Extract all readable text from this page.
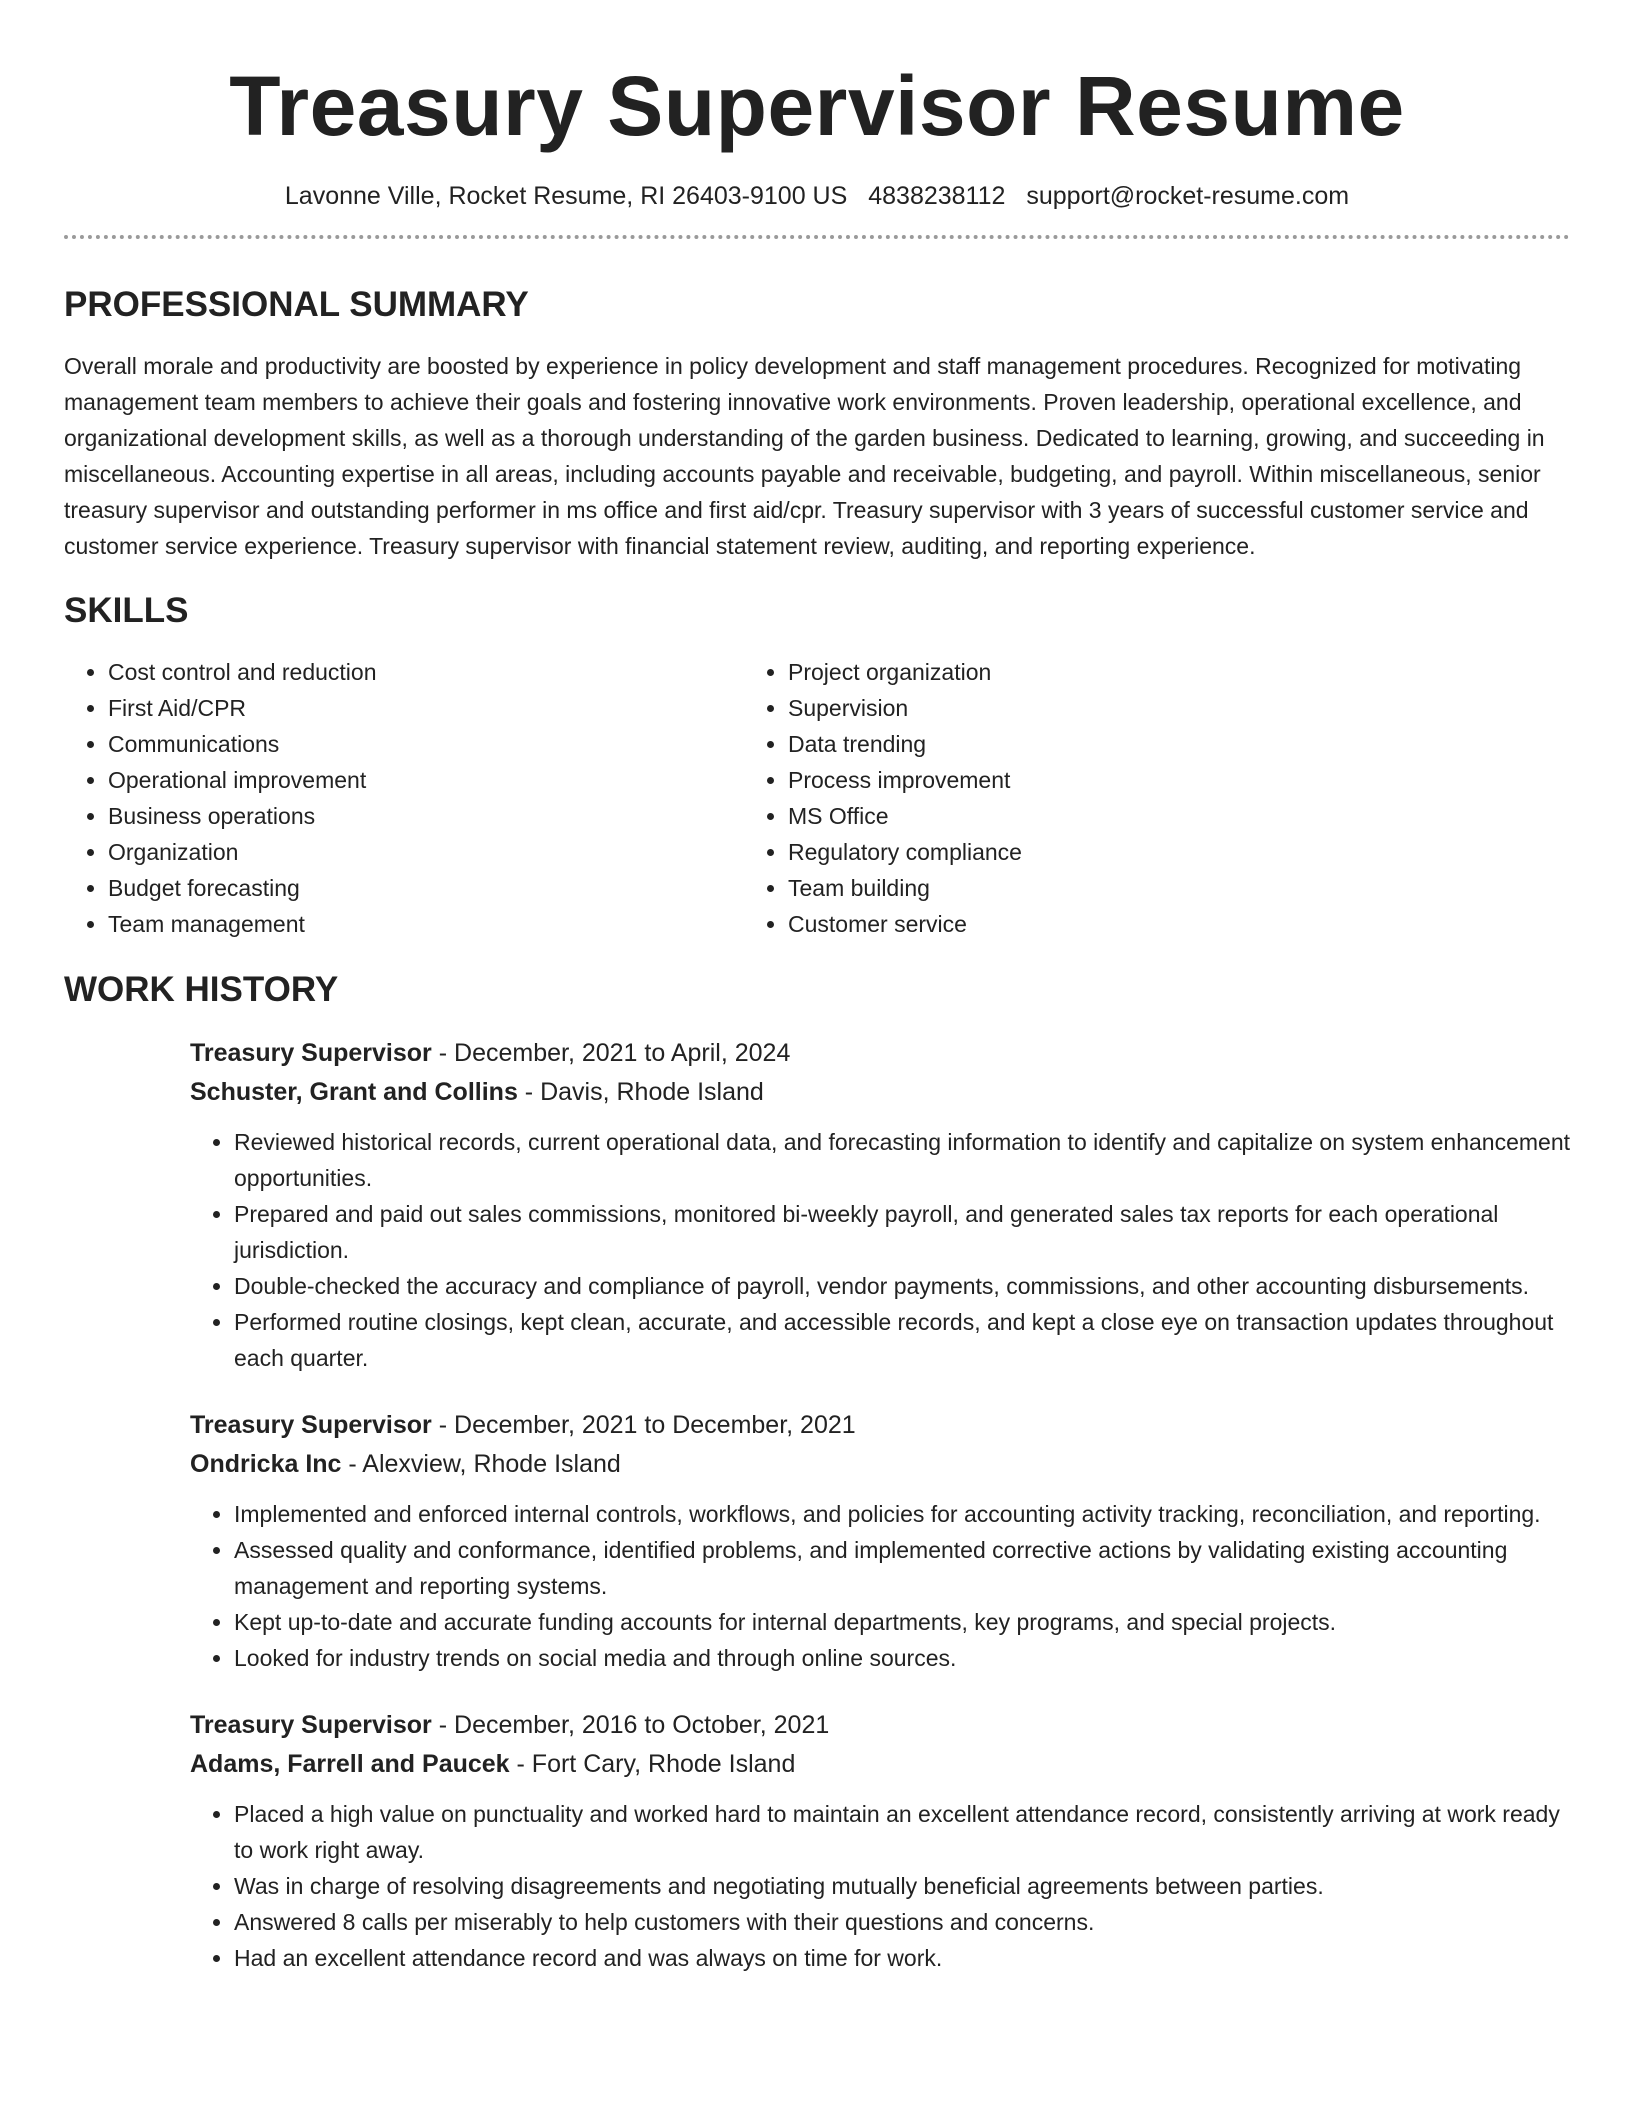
Treasury Supervisor Resume
Lavonne Ville, Rocket Resume, RI 26403-9100 US 4838238112 support@rocket-resume.com
PROFESSIONAL SUMMARY

Overall morale and productivity are boosted by experience in policy development and staff management procedures. Recognized for motivating management team members to achieve their goals and fostering innovative work environments. Proven leadership, operational excellence, and organizational development skills, as well as a thorough understanding of the garden business. Dedicated to learning, growing, and succeeding in miscellaneous. Accounting expertise in all areas, including accounts payable and receivable, budgeting, and payroll. Within miscellaneous, senior treasury supervisor and outstanding performer in ms office and first aid/cpr. Treasury supervisor with 3 years of successful customer service and customer service experience. Treasury supervisor with financial statement review, auditing, and reporting experience.

SKILLS
• Cost control and reduction
• First Aid/CPR
• Communications
• Operational improvement
• Business operations
• Organization
• Budget forecasting
• Team management
• Project organization
• Supervision
• Data trending
• Process improvement
• MS Office
• Regulatory compliance
• Team building
• Customer service
WORK HISTORY
Treasury Supervisor - December, 2021 to April, 2024
Schuster, Grant and Collins - Davis, Rhode Island
• Reviewed historical records, current operational data, and forecasting information to identify and capitalize on system enhancement opportunities.
• Prepared and paid out sales commissions, monitored bi-weekly payroll, and generated sales tax reports for each operational jurisdiction.
• Double-checked the accuracy and compliance of payroll, vendor payments, commissions, and other accounting disbursements.
• Performed routine closings, kept clean, accurate, and accessible records, and kept a close eye on transaction updates throughout each quarter.
Treasury Supervisor - December, 2021 to December, 2021
Ondricka Inc - Alexview, Rhode Island
• Implemented and enforced internal controls, workflows, and policies for accounting activity tracking, reconciliation, and reporting.
• Assessed quality and conformance, identified problems, and implemented corrective actions by validating existing accounting management and reporting systems.
• Kept up-to-date and accurate funding accounts for internal departments, key programs, and special projects.
• Looked for industry trends on social media and through online sources.
Treasury Supervisor - December, 2016 to October, 2021
Adams, Farrell and Paucek - Fort Cary, Rhode Island
• Placed a high value on punctuality and worked hard to maintain an excellent attendance record, consistently arriving at work ready to work right away.
• Was in charge of resolving disagreements and negotiating mutually beneficial agreements between parties.
• Answered 8 calls per miserably to help customers with their questions and concerns.
• Had an excellent attendance record and was always on time for work.
